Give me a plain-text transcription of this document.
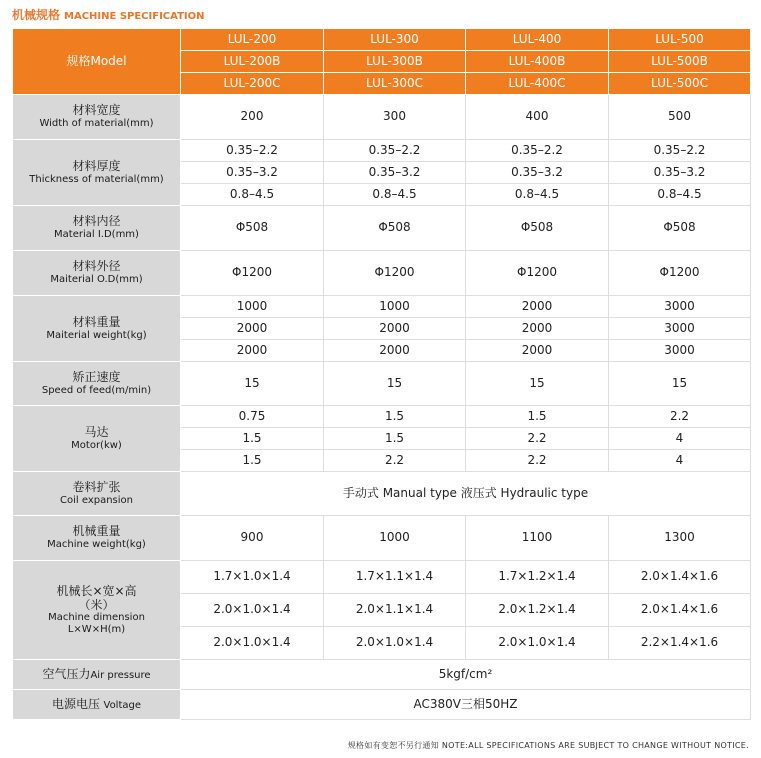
机械规格 MACHINE SPECIFICATION
规格Model	LUL-200	LUL-300	LUL-400	LUL-500
	LUL-200B	LUL-300B	LUL-400B	LUL-500B
	LUL-200C	LUL-300C	LUL-400C	LUL-500C

材料宽度
Width of material(mm)	200	300	400	500

材料厚度
Thickness of material(mm)	0.35–2.2	0.35–2.2	0.35–2.2	0.35–2.2
	0.35–3.2	0.35–3.2	0.35–3.2	0.35–3.2
	0.8–4.5	0.8–4.5	0.8–4.5	0.8–4.5

材料内径
Material I.D(mm)	Φ508	Φ508	Φ508	Φ508

材料外径
Maiterial O.D(mm)	Φ1200	Φ1200	Φ1200	Φ1200

材料重量
Maiterial weight(kg)	1000	1000	2000	3000
	2000	2000	2000	3000
	2000	2000	2000	3000

矫正速度
Speed of feed(m/min)	15	15	15	15

马达
Motor(kw)	0.75	1.5	1.5	2.2
	1.5	1.5	2.2	4
	1.5	2.2	2.2	4

卷料扩张
Coil expansion	手动式 Manual type 液压式 Hydraulic type			

机械重量
Machine weight(kg)	900	1000	1100	1300

机械长×宽×高
（米）
Machine dimension
L×W×H(m)	1.7×1.0×1.4	1.7×1.1×1.4	1.7×1.2×1.4	2.0×1.4×1.6
	2.0×1.0×1.4	2.0×1.1×1.4	2.0×1.2×1.4	2.0×1.4×1.6
	2.0×1.0×1.4	2.0×1.0×1.4	2.0×1.0×1.4	2.2×1.4×1.6
空气压力Air pressure	5kgf/cm²			
电源电压 Voltage	AC380V三相50HZ			
规格如有变恕不另行通知 NOTE:ALL SPECIFICATIONS ARE SUBJECT TO CHANGE WITHOUT NOTICE.
